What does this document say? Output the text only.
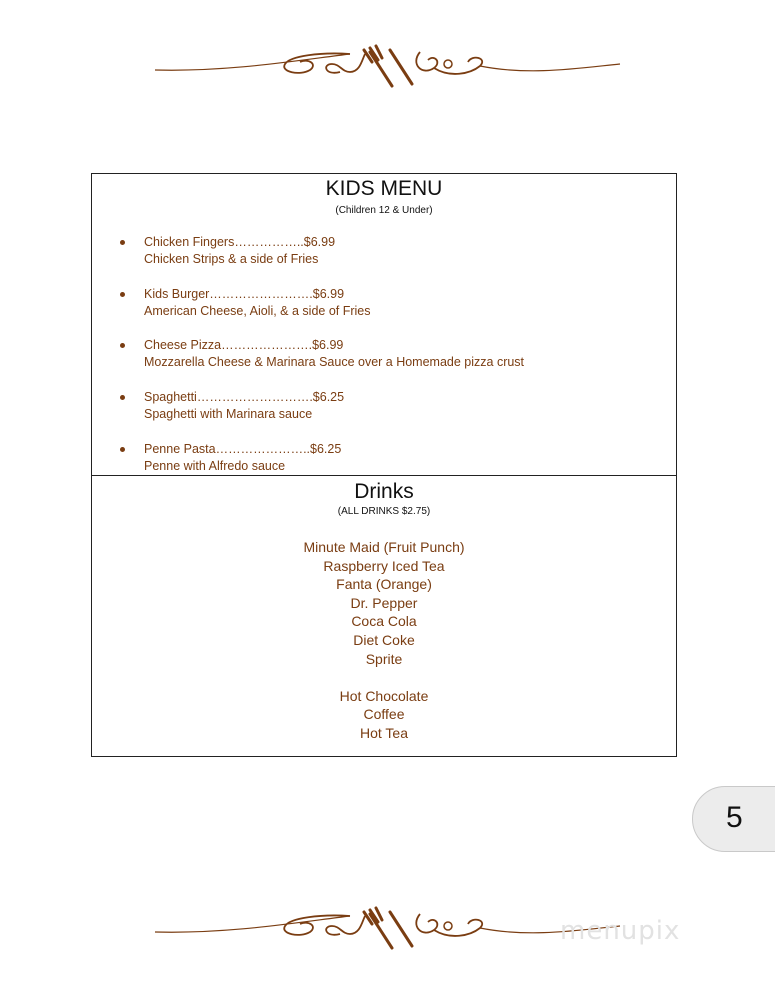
KIDS MENU
(Children 12 & Under)
Chicken Fingers……………..$6.99
Chicken Strips & a side of Fries
Kids Burger…………………….$6.99
American Cheese, Aioli, & a side of Fries
Cheese Pizza………………….$6.99
Mozzarella Cheese & Marinara Sauce over a Homemade pizza crust
Spaghetti……………………….$6.25
Spaghetti with Marinara sauce
Penne Pasta…………………..$6.25
Penne with Alfredo sauce
Drinks
(ALL DRINKS $2.75)
Minute Maid (Fruit Punch)
Raspberry Iced Tea
Fanta (Orange)
Dr. Pepper
Coca Cola
Diet Coke
Sprite
Hot Chocolate
Coffee
Hot Tea
5
menupix
